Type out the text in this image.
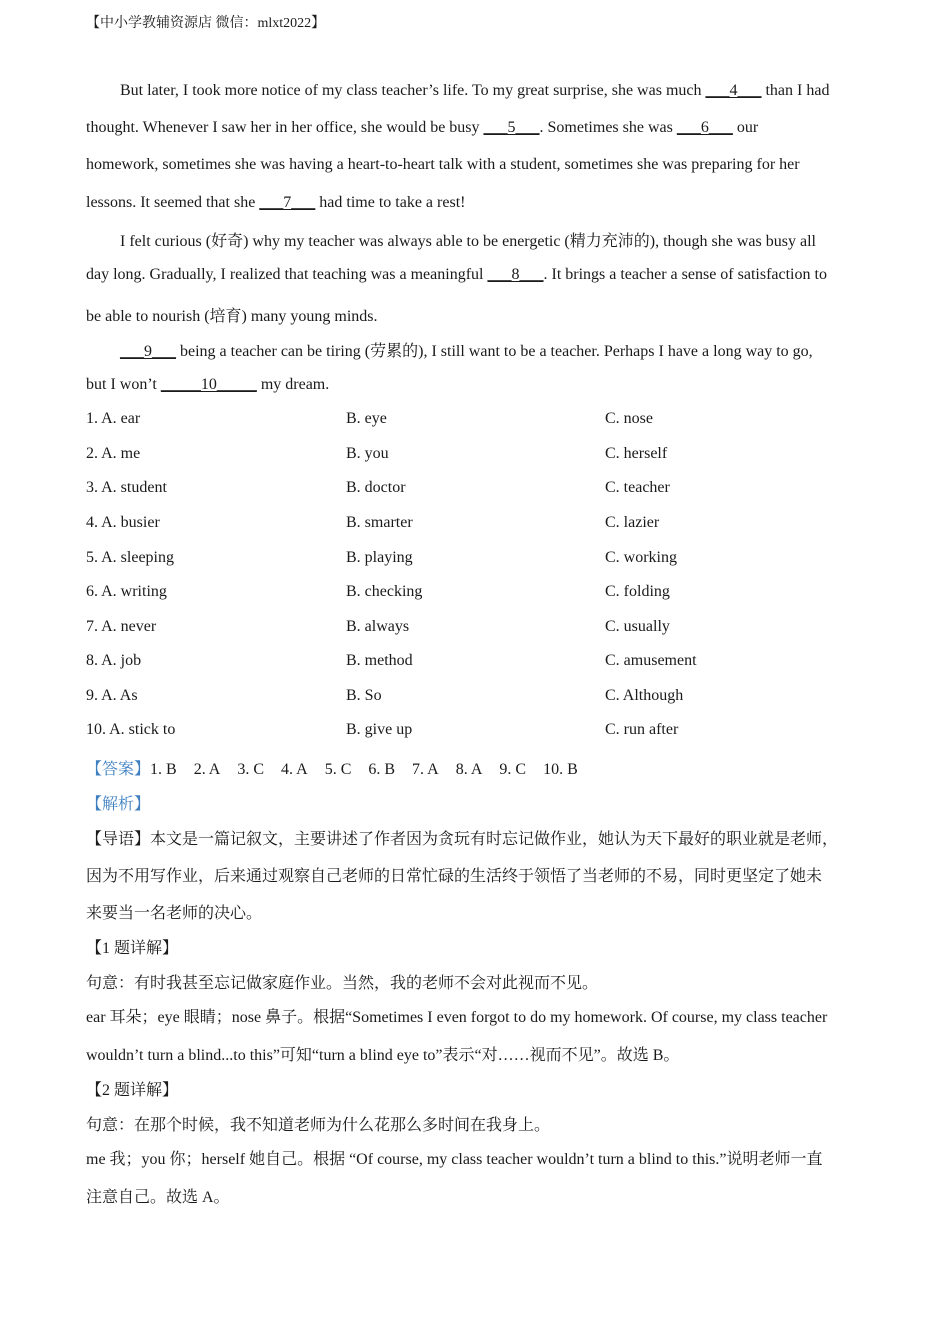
【中小学教辅资源店 微信：mlxt2022】
But later, I took more notice of my class teacher’s life. To my great surprise, she was much ___4___ than I had
thought. Whenever I saw her in her office, she would be busy ___5___. Sometimes she was ___6___ our
homework, sometimes she was having a heart-to-heart talk with a student, sometimes she was preparing for her
lessons. It seemed that she ___7___ had time to take a rest!
I felt curious (好奇) why my teacher was always able to be energetic (精力充沛的), though she was busy all
day long. Gradually, I realized that teaching was a meaningful ___8___. It brings a teacher a sense of satisfaction to
be able to nourish (培育) many young minds.
___9___ being a teacher can be tiring (劳累的), I still want to be a teacher. Perhaps I have a long way to go,
but I won’t _____10_____ my dream.
1. A. ear	B. eye	C. nose
2. A. me	B. you	C. herself
3. A. student	B. doctor	C. teacher
4. A. busier	B. smarter	C. lazier
5. A. sleeping	B. playing	C. working
6. A. writing	B. checking	C. folding
7. A. never	B. always	C. usually
8. A. job	B. method	C. amusement
9. A. As	B. So	C. Although
10. A. stick to	B. give up	C. run after
【答案】1. B 2. A 3. C 4. A 5. C 6. B 7. A 8. A 9. C 10. B
【解析】
【导语】本文是一篇记叙文，主要讲述了作者因为贪玩有时忘记做作业，她认为天下最好的职业就是老师，
因为不用写作业，后来通过观察自己老师的日常忙碌的生活终于领悟了当老师的不易，同时更坚定了她未
来要当一名老师的决心。
【1 题详解】
句意：有时我甚至忘记做家庭作业。当然，我的老师不会对此视而不见。
ear 耳朵；eye 眼睛；nose 鼻子。根据“Sometimes I even forgot to do my homework. Of course, my class teacher
wouldn’t turn a blind...to this”可知“turn a blind eye to”表示“对……视而不见”。故选 B。
【2 题详解】
句意：在那个时候，我不知道老师为什么花那么多时间在我身上。
me 我；you 你；herself 她自己。根据 “Of course, my class teacher wouldn’t turn a blind to this.”说明老师一直
注意自己。故选 A。
